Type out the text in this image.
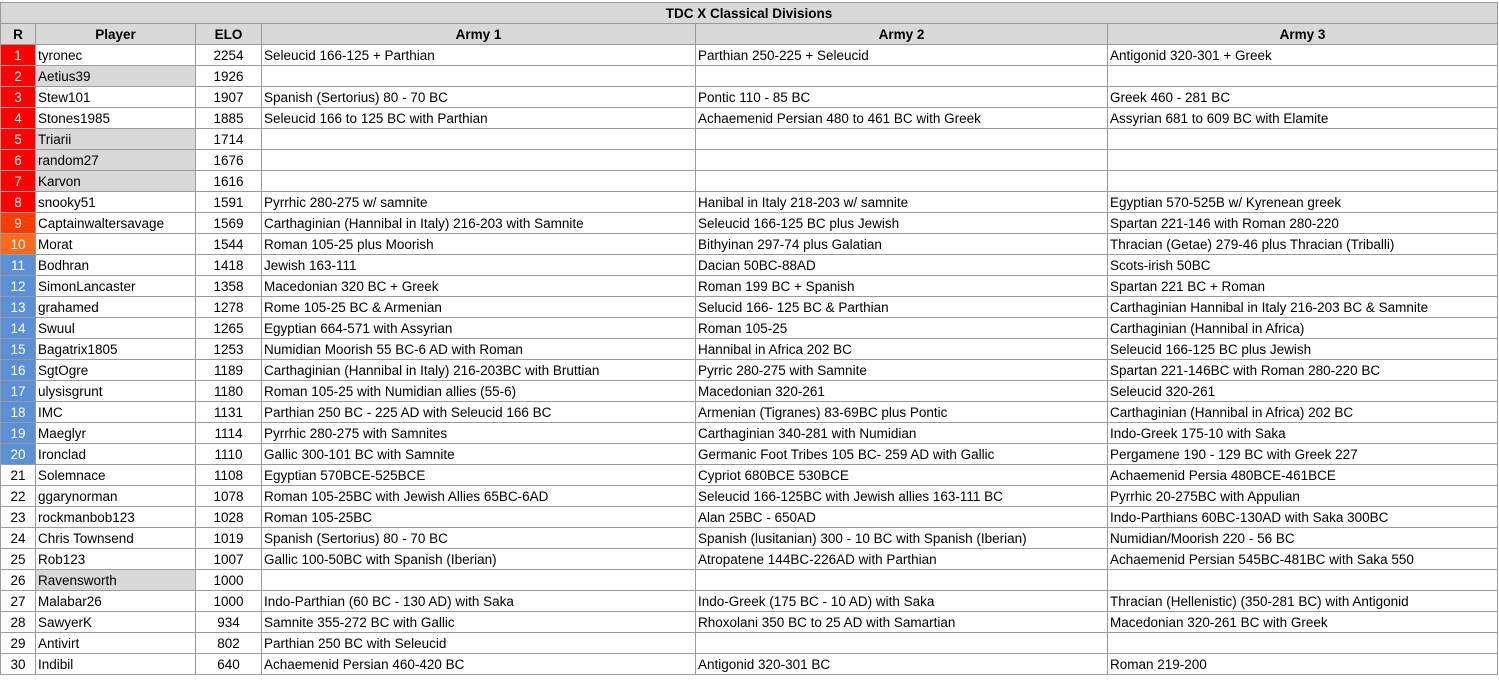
TDC X Classical Divisions					
R	Player	ELO	Army 1	Army 2	Army 3
1	tyronec	2254	Seleucid 166-125 + Parthian	Parthian 250-225 + Seleucid	Antigonid 320-301 + Greek
2	Aetius39	1926			
3	Stew101	1907	Spanish (Sertorius) 80 - 70 BC	Pontic 110 - 85 BC	Greek 460 - 281 BC
4	Stones1985	1885	Seleucid 166 to 125 BC with Parthian	Achaemenid Persian 480 to 461 BC with Greek	Assyrian 681 to 609 BC with Elamite
5	Triarii	1714			
6	random27	1676			
7	Karvon	1616			
8	snooky51	1591	Pyrrhic 280-275 w/ samnite	Hanibal in Italy 218-203 w/ samnite	Egyptian 570-525B w/ Kyrenean greek
9	Captainwaltersavage	1569	Carthaginian (Hannibal in Italy) 216-203 with Samnite	Seleucid 166-125 BC plus Jewish	Spartan 221-146 with Roman 280-220
10	Morat	1544	Roman 105-25 plus Moorish	Bithyinan 297-74 plus Galatian	Thracian (Getae) 279-46 plus Thracian (Triballi)
11	Bodhran	1418	Jewish 163-111	Dacian 50BC-88AD	Scots-irish 50BC
12	SimonLancaster	1358	Macedonian 320 BC + Greek	Roman 199 BC + Spanish	Spartan 221 BC + Roman
13	grahamed	1278	Rome 105-25 BC & Armenian	Selucid 166- 125 BC & Parthian	Carthaginian Hannibal in Italy 216-203 BC & Samnite
14	Swuul	1265	Egyptian 664-571 with Assyrian	Roman 105-25	Carthaginian (Hannibal in Africa)
15	Bagatrix1805	1253	Numidian Moorish 55 BC-6 AD with Roman	Hannibal in Africa 202 BC	Seleucid 166-125 BC plus Jewish
16	SgtOgre	1189	Carthaginian (Hannibal in Italy) 216-203BC with Bruttian	Pyrric 280-275 with Samnite	Spartan 221-146BC with Roman 280-220 BC
17	ulysisgrunt	1180	Roman 105-25 with Numidian allies (55-6)	Macedonian 320-261	Seleucid 320-261
18	IMC	1131	Parthian 250 BC - 225 AD with Seleucid 166 BC	Armenian (Tigranes) 83-69BC plus Pontic	Carthaginian (Hannibal in Africa) 202 BC
19	Maeglyr	1114	Pyrrhic 280-275 with Samnites	Carthaginian 340-281 with Numidian	Indo-Greek 175-10 with Saka
20	Ironclad	1110	Gallic 300-101 BC with Samnite	Germanic Foot Tribes 105 BC- 259 AD with Gallic	Pergamene 190 - 129 BC with Greek 227
21	Solemnace	1108	Egyptian 570BCE-525BCE	Cypriot 680BCE 530BCE	Achaemenid Persia 480BCE-461BCE
22	ggarynorman	1078	Roman 105-25BC with Jewish Allies 65BC-6AD	Seleucid 166-125BC with Jewish allies 163-111 BC	Pyrrhic 20-275BC with Appulian
23	rockmanbob123	1028	Roman 105-25BC	Alan 25BC - 650AD	Indo-Parthians 60BC-130AD with Saka 300BC
24	Chris Townsend	1019	Spanish (Sertorius) 80 - 70 BC	Spanish (lusitanian) 300 - 10 BC with Spanish (Iberian)	Numidian/Moorish 220 - 56 BC
25	Rob123	1007	Gallic 100-50BC with Spanish (Iberian)	Atropatene 144BC-226AD with Parthian	Achaemenid Persian 545BC-481BC with Saka 550
26	Ravensworth	1000			
27	Malabar26	1000	Indo-Parthian (60 BC - 130 AD) with Saka	Indo-Greek (175 BC - 10 AD) with Saka	Thracian (Hellenistic) (350-281 BC) with Antigonid
28	SawyerK	934	Samnite 355-272 BC with Gallic	Rhoxolani 350 BC to 25 AD with Samartian	Macedonian 320-261 BC with Greek
29	Antivirt	802	Parthian 250 BC with Seleucid		
30	Indibil	640	Achaemenid Persian 460-420 BC	Antigonid 320-301 BC	Roman 219-200
